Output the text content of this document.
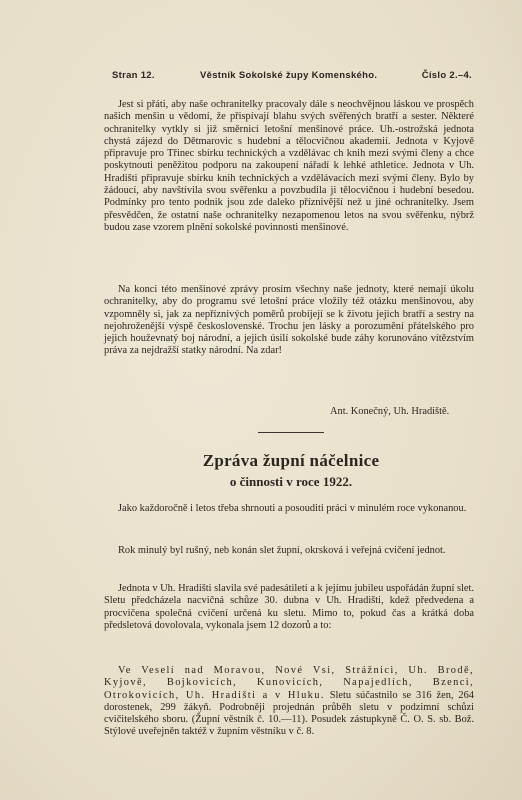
Stran 12.	Věstník Sokolské župy Komenského.	Číslo 2.–4.

Jest si přáti, aby naše ochranitelky pracovaly dále s neochvějnou láskou ve prospěch našich menšin u vědomí, že přispívají blahu svých svěřených bratří a sester. Některé ochranitelky vytkly si již směrnicí letošní menšinové práce. Uh.-ostrožská jednota chystá zájezd do Dětmarovic s hudební a tělocvičnou akademií. Jednota v Kyjově připravuje pro Třinec sbírku technických a vzdělávac ch knih mezi svými členy a chce poskytnouti peněžitou podporu na zakoupení nářadí k lehké athletice. Jednota v Uh. Hradišti připravuje sbírku knih technických a vzdělávacích mezi svými členy. Bylo by žádoucí, aby navštívila svou svěřenku a povzbudila ji tělocvičnou i hudební besedou. Podmínky pro tento podnik jsou zde daleko příznivější než u jiné ochranitelky. Jsem přesvědčen, že ostatní naše ochranitelky nezapomenou letos na svou svěřenku, nýbrž budou zase vzorem plnění sokolské povinnosti menšinové.

Na konci této menšinové zprávy prosím všechny naše jednoty, které nemají úkolu ochranitelky, aby do programu své letošní práce vložily též otázku menšinovou, aby vzpomněly si, jak za nepříznivých poměrů probíjejí se k životu jejich bratří a sestry na nejohroženější výspě československé. Trochu jen lásky a porozumění přátelského pro jejich houževnatý boj národní, a jejich úsilí sokolské bude záhy korunováno vítězstvím práva za nejdražší statky národní. Na zdar!

Ant. Konečný, Uh. Hradiště.
Zpráva župní náčelnice
o činnosti v roce 1922.

Jako každoročně i letos třeba shrnouti a posouditi práci v minulém roce vykonanou.

Rok minulý byl rušný, neb konán slet župní, okrsková i veřejná cvičení jednot.

Jednota v Uh. Hradišti slavila své padesátiletí a k jejímu jubileu uspořádán župní slet. Sletu předcházela nacvičná schůze 30. dubna v Uh. Hradišti, kdež předvedena a procvičena společná cvičení určená ku sletu. Mimo to, pokud čas a krátká doba předsletová dovolovala, vykonala jsem 12 dozorů a to:

Ve Veselí nad Moravou, Nové Vsi, Strážnici, Uh. Brodě, Kyjově, Bojkovicích, Kunovicích, Napajedlích, Bzenci, Otrokovicích, Uh. Hradišti a v Hluku. Sletu súčastnilo se 316 žen, 264 dorostenek, 299 žákyň. Podrobněji projednán průběh sletu v podzimní schůzi cvičitelského sboru. (Župní věstník č. 10.—11). Posudek zástupkyně Č. O. S. sb. Bož. Stýlové uveřejněn taktéž v župním věstníku v č. 8.
